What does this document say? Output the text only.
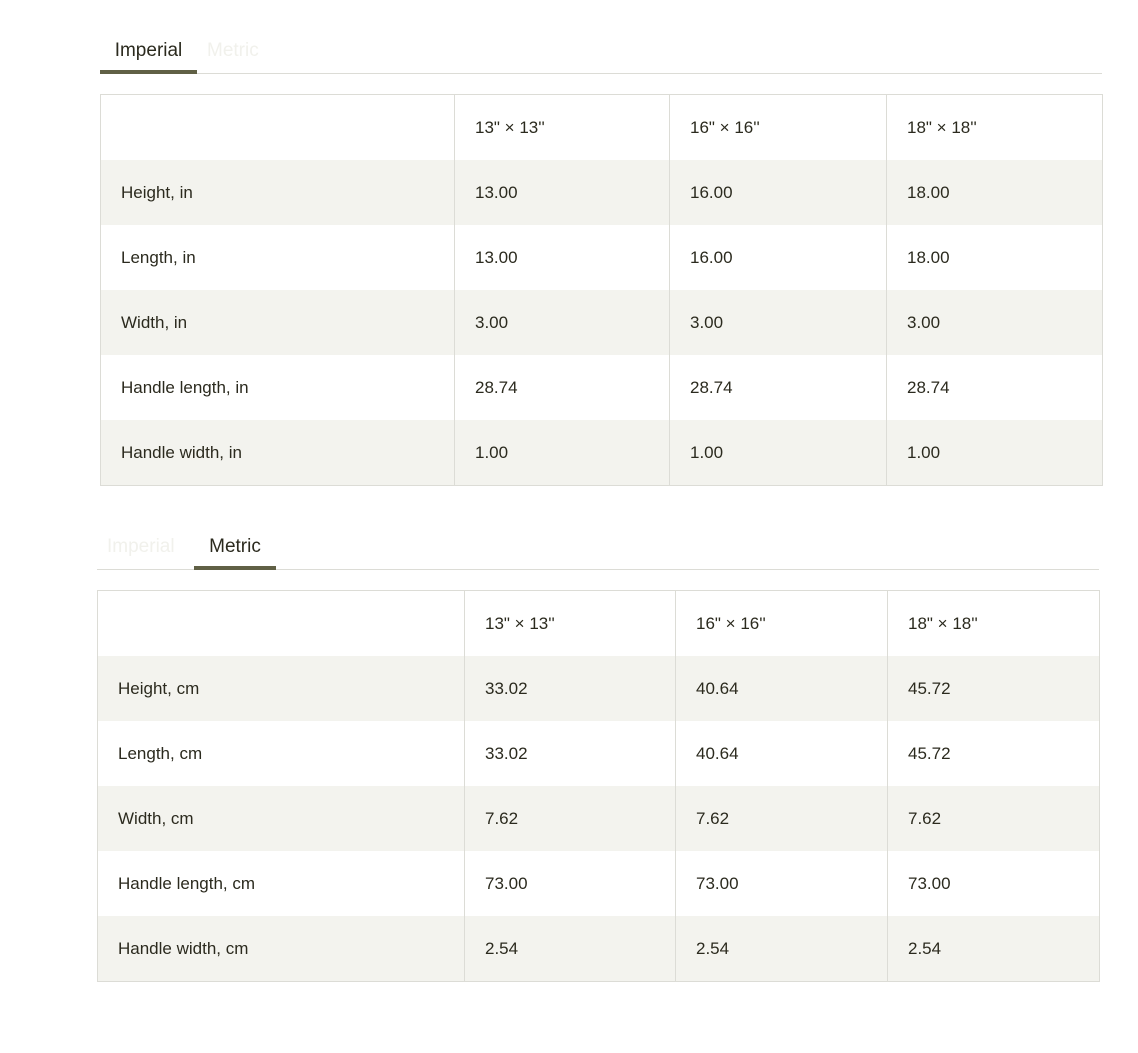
Imperial	Metric
	13" × 13''	16" × 16''	18" × 18''
Height, in	13.00	16.00	18.00
Length, in	13.00	16.00	18.00
Width, in	3.00	3.00	3.00
Handle length, in	28.74	28.74	28.74
Handle width, in	1.00	1.00	1.00
Imperial	Metric
	13" × 13''	16" × 16''	18" × 18''
Height, cm	33.02	40.64	45.72
Length, cm	33.02	40.64	45.72
Width, cm	7.62	7.62	7.62
Handle length, cm	73.00	73.00	73.00
Handle width, cm	2.54	2.54	2.54
